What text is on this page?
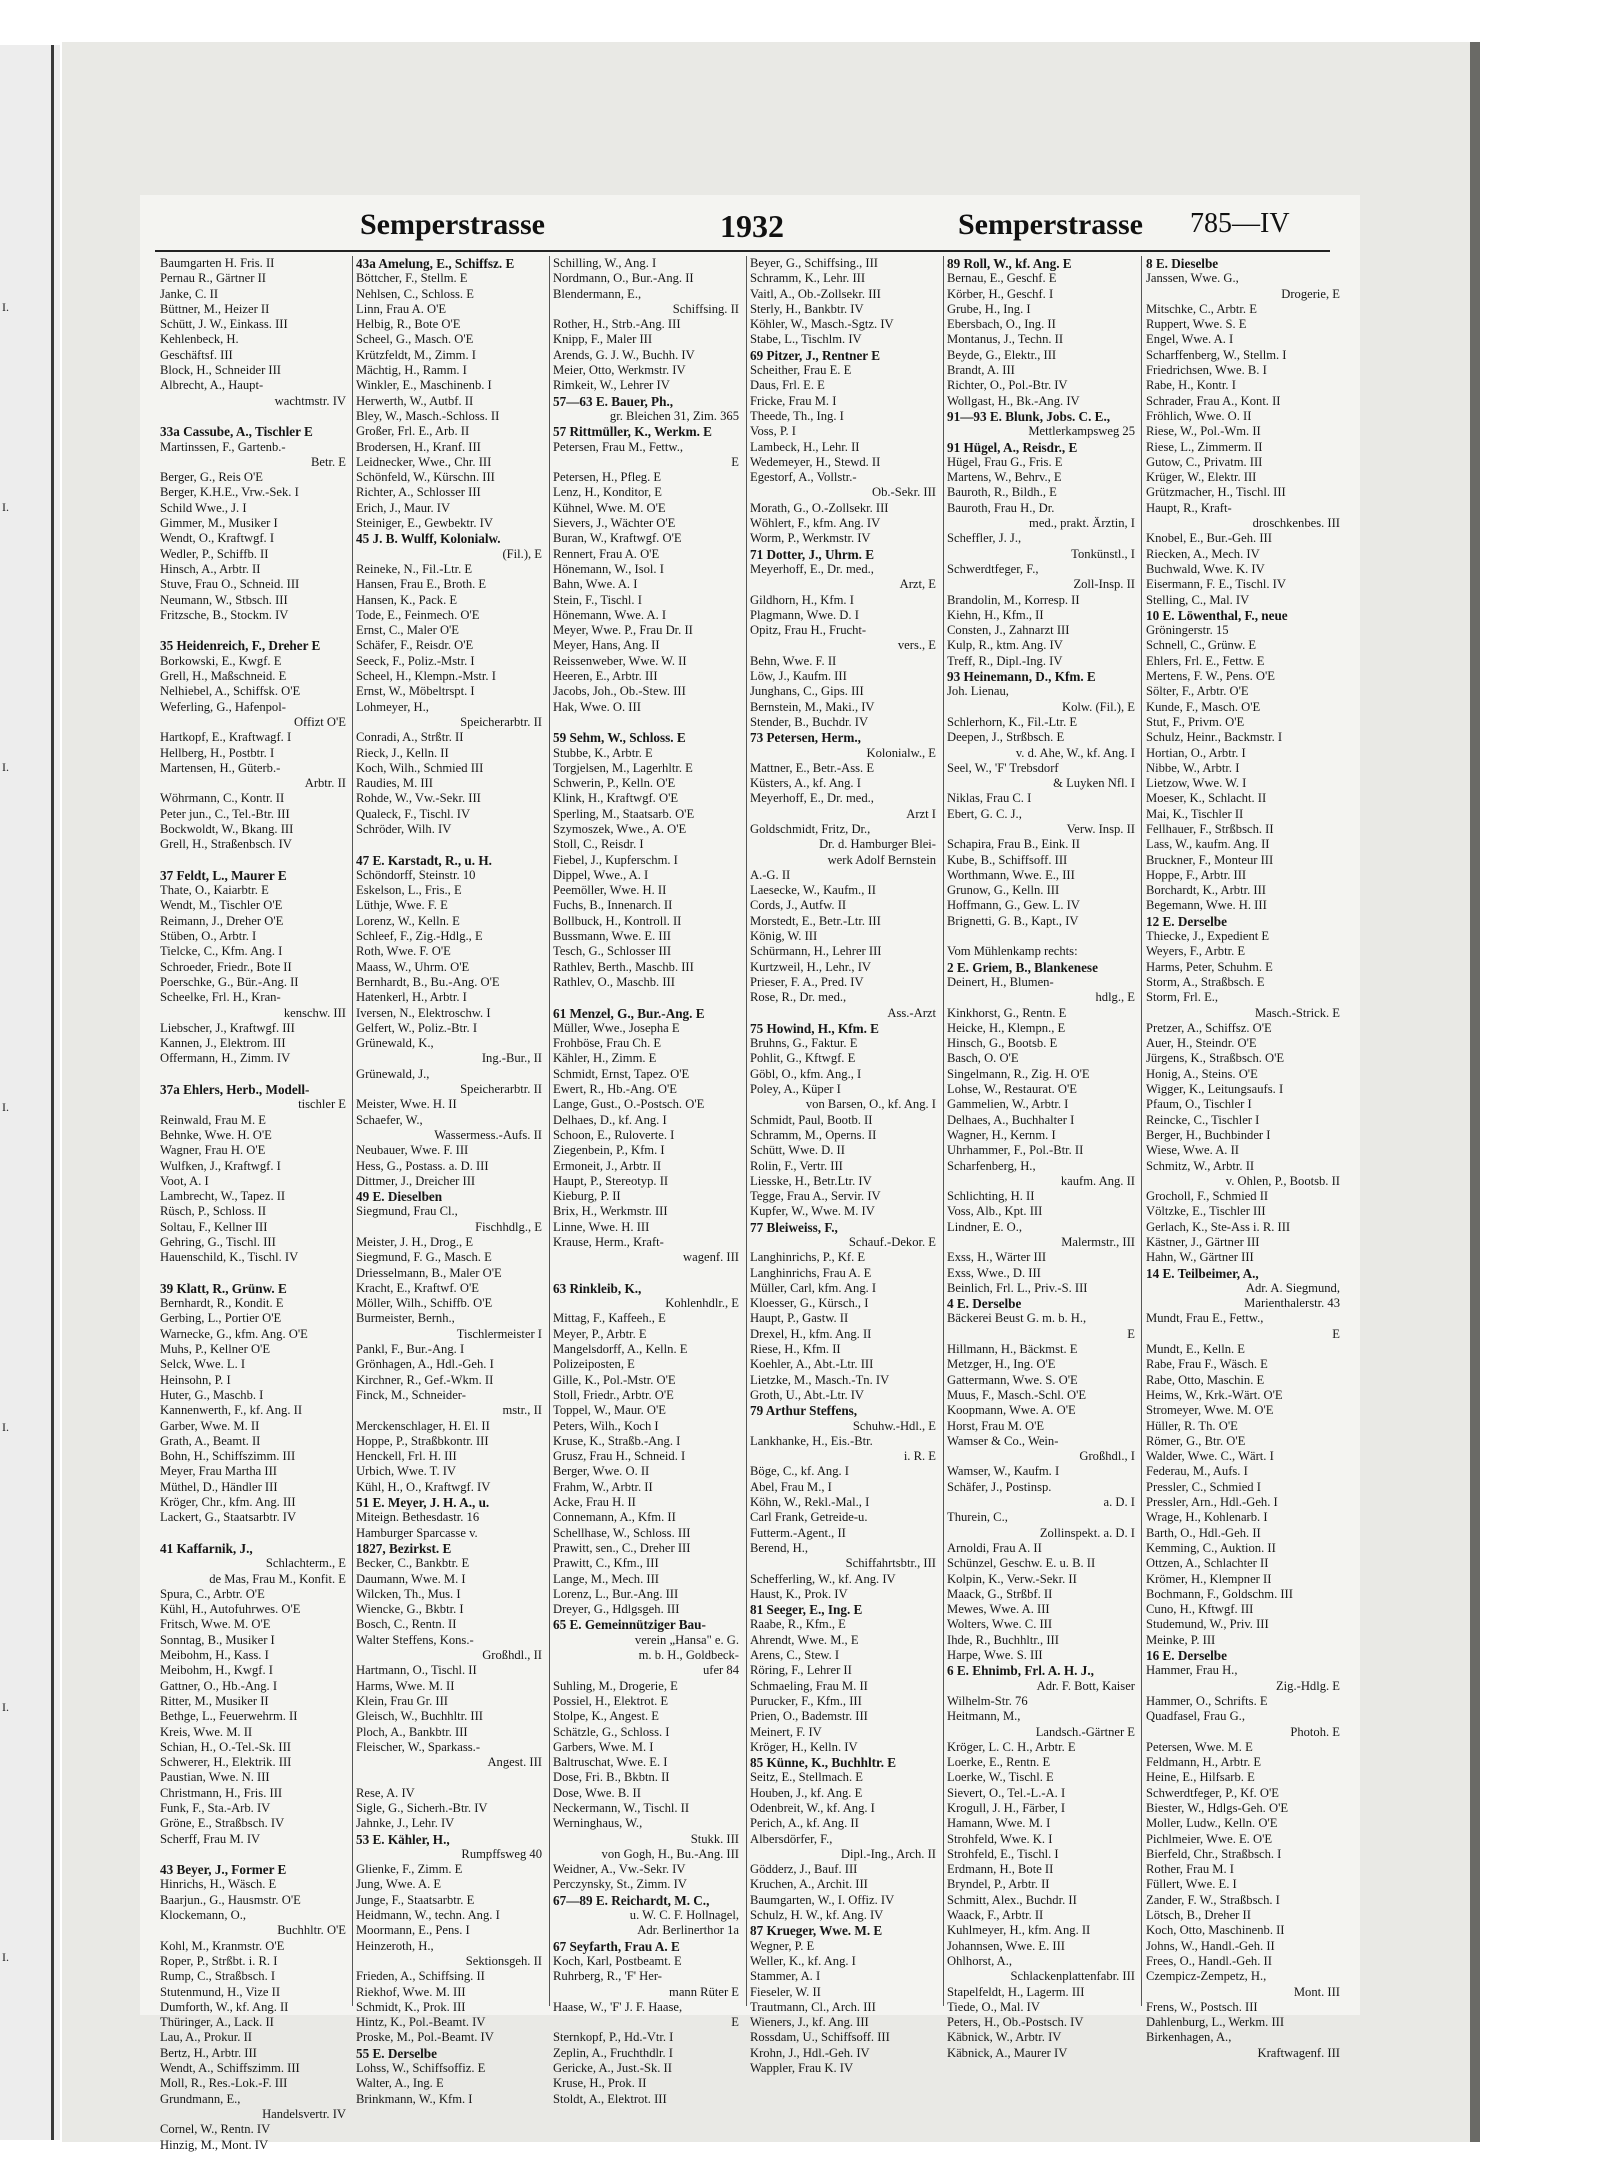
Semperstrasse	1932	Semperstrasse 785—IV
Baumgarten H. Fris. II
Pernau R., Gärtner II
Janke, C. II
Büttner, M., Heizer II
Schütt, J. W., Einkass. III
Kehlenbeck, H.
Geschäftsf. III
Block, H., Schneider III
Albrecht, A., Haupt-
wachtmstr. IV
33a Cassube, A., Tischler E
Martinssen, F., Gartenb.-
Betr. E
Berger, G., Reis O'E
Berger, K.H.E., Vrw.-Sek. I
Schild Wwe., J. I
Gimmer, M., Musiker I
Wendt, O., Kraftwgf. I
Wedler, P., Schiffb. II
Hinsch, A., Arbtr. II
Stuve, Frau O., Schneid. III
Neumann, W., Stbsch. III
Fritzsche, B., Stockm. IV
35 Heidenreich, F., Dreher E
Borkowski, E., Kwgf. E
Grell, H., Maßschneid. E
Nelhiebel, A., Schiffsk. O'E
Weferling, G., Hafenpol-
Offizt O'E
Hartkopf, E., Kraftwagf. I
Hellberg, H., Postbtr. I
Martensen, H., Güterb.-
Arbtr. II
Wöhrmann, C., Kontr. II
Peter jun., C., Tel.-Btr. III
Bockwoldt, W., Bkang. III
Grell, H., Straßenbsch. IV
37 Feldt, L., Maurer E
Thate, O., Kaiarbtr. E
Wendt, M., Tischler O'E
Reimann, J., Dreher O'E
Stüben, O., Arbtr. I
Tielcke, C., Kfm. Ang. I
Schroeder, Friedr., Bote II
Poerschke, G., Bür.-Ang. II
Scheelke, Frl. H., Kran-
kenschw. III
Liebscher, J., Kraftwgf. III
Kannen, J., Elektrom. III
Offermann, H., Zimm. IV
37a Ehlers, Herb., Modell-
tischler E
Reinwald, Frau M. E
Behnke, Wwe. H. O'E
Wagner, Frau H. O'E
Wulfken, J., Kraftwgf. I
Voot, A. I
Lambrecht, W., Tapez. II
Rüsch, P., Schloss. II
Soltau, F., Kellner III
Gehring, G., Tischl. III
Hauenschild, K., Tischl. IV
39 Klatt, R., Grünw. E
Bernhardt, R., Kondit. E
Gerbing, L., Portier O'E
Warnecke, G., kfm. Ang. O'E
Muhs, P., Kellner O'E
Selck, Wwe. L. I
Heinsohn, P. I
Huter, G., Maschb. I
Kannenwerth, F., kf. Ang. II
Garber, Wwe. M. II
Grath, A., Beamt. II
Bohn, H., Schiffszimm. III
Meyer, Frau Martha III
Müthel, D., Händler III
Kröger, Chr., kfm. Ang. III
Lackert, G., Staatsarbtr. IV
41 Kaffarnik, J.,
Schlachterm., E
de Mas, Frau M., Konfit. E
Spura, C., Arbtr. O'E
Kühl, H., Autofuhrwes. O'E
Fritsch, Wwe. M. O'E
Sonntag, B., Musiker I
Meibohm, H., Kass. I
Meibohm, H., Kwgf. I
Gattner, O., Hb.-Ang. I
Ritter, M., Musiker II
Bethge, L., Feuerwehrm. II
Kreis, Wwe. M. II
Schian, H., O.-Tel.-Sk. III
Schwerer, H., Elektrik. III
Paustian, Wwe. N. III
Christmann, H., Fris. III
Funk, F., Sta.-Arb. IV
Gröne, E., Straßbsch. IV
Scherff, Frau M. IV
43 Beyer, J., Former E
Hinrichs, H., Wäsch. E
Baarjun., G., Hausmstr. O'E
Klockemann, O.,
Buchhltr. O'E
Kohl, M., Kranmstr. O'E
Roper, P., Strßbt. i. R. I
Rump, C., Straßbsch. I
Stutenmund, H., Vize II
Dumforth, W., kf. Ang. II
Thüringer, A., Lack. II
Lau, A., Prokur. II
Bertz, H., Arbtr. III
Wendt, A., Schiffszimm. III
Moll, R., Res.-Lok.-F. III
Grundmann, E.,
Handelsvertr. IV
Cornel, W., Rentn. IV
Hinzig, M., Mont. IV
43a Amelung, E., Schiffsz. E
Böttcher, F., Stellm. E
Nehlsen, C., Schloss. E
Linn, Frau A. O'E
Helbig, R., Bote O'E
Scheel, G., Masch. O'E
Krützfeldt, M., Zimm. I
Mächtig, H., Ramm. I
Winkler, E., Maschinenb. I
Herwerth, W., Autbf. II
Bley, W., Masch.-Schloss. II
Großer, Frl. E., Arb. II
Brodersen, H., Kranf. III
Leidnecker, Wwe., Chr. III
Schönfeld, W., Kürschn. III
Richter, A., Schlosser III
Erich, J., Maur. IV
Steiniger, E., Gewbektr. IV
45 J. B. Wulff, Kolonialw.
(Fil.), E
Reineke, N., Fil.-Ltr. E
Hansen, Frau E., Broth. E
Hansen, K., Pack. E
Tode, E., Feinmech. O'E
Ernst, C., Maler O'E
Schäfer, F., Reisdr. O'E
Seeck, F., Poliz.-Mstr. I
Scheel, H., Klempn.-Mstr. I
Ernst, W., Möbeltrspt. I
Lohmeyer, H.,
Speicherarbtr. II
Conradi, A., Strßtr. II
Rieck, J., Kelln. II
Koch, Wilh., Schmied III
Raudies, M. III
Rohde, W., Vw.-Sekr. III
Qualeck, F., Tischl. IV
Schröder, Wilh. IV
47 E. Karstadt, R., u. H.
Schöndorff, Steinstr. 10
Eskelson, L., Fris., E
Lüthje, Wwe. F. E
Lorenz, W., Kelln. E
Schleef, F., Zig.-Hdlg., E
Roth, Wwe. F. O'E
Maass, W., Uhrm. O'E
Bernhardt, B., Bu.-Ang. O'E
Hatenkerl, H., Arbtr. I
Iversen, N., Elektroschw. I
Gelfert, W., Poliz.-Btr. I
Grünewald, K.,
Ing.-Bur., II
Grünewald, J.,
Speicherarbtr. II
Meister, Wwe. H. II
Schaefer, W.,
Wassermess.-Aufs. II
Neubauer, Wwe. F. III
Hess, G., Postass. a. D. III
Dittmer, J., Dreicher III
49 E. Dieselben
Siegmund, Frau Cl.,
Fischhdlg., E
Meister, J. H., Drog., E
Siegmund, F. G., Masch. E
Driesselmann, B., Maler O'E
Kracht, E., Kraftwf. O'E
Möller, Wilh., Schiffb. O'E
Burmeister, Bernh.,
Tischlermeister I
Pankl, F., Bur.-Ang. I
Grönhagen, A., Hdl.-Geh. I
Kirchner, R., Gef.-Wkm. II
Finck, M., Schneider-
mstr., II
Merckenschlager, H. El. II
Hoppe, P., Straßbkontr. III
Henckell, Frl. H. III
Urbich, Wwe. T. IV
Kühl, H., O., Kraftwgf. IV
51 E. Meyer, J. H. A., u.
Miteign. Bethesdastr. 16
Hamburger Sparcasse v.
1827, Bezirkst. E
Becker, C., Bankbtr. E
Daumann, Wwe. M. I
Wilcken, Th., Mus. I
Wiencke, G., Bkbtr. I
Bosch, C., Rentn. II
Walter Steffens, Kons.-
Großhdl., II
Hartmann, O., Tischl. II
Harms, Wwe. M. II
Klein, Frau Gr. III
Gleisch, W., Buchhltr. III
Ploch, A., Bankbtr. III
Fleischer, W., Sparkass.-
Angest. III
Rese, A. IV
Sigle, G., Sicherh.-Btr. IV
Jahnke, J., Lehr. IV
53 E. Kähler, H.,
Rumpffsweg 40
Glienke, F., Zimm. E
Jung, Wwe. A. E
Junge, F., Staatsarbtr. E
Heidmann, W., techn. Ang. I
Moormann, E., Pens. I
Heinzeroth, H.,
Sektionsgeh. II
Frieden, A., Schiffsing. II
Riekhof, Wwe. M. III
Schmidt, K., Prok. III
Hintz, K., Pol.-Beamt. IV
Proske, M., Pol.-Beamt. IV
55 E. Derselbe
Lohss, W., Schiffsoffiz. E
Walter, A., Ing. E
Brinkmann, W., Kfm. I
Schilling, W., Ang. I
Nordmann, O., Bur.-Ang. II
Blendermann, E.,
Schiffsing. II
Rother, H., Strb.-Ang. III
Knipp, F., Maler III
Arends, G. J. W., Buchh. IV
Meier, Otto, Werkmstr. IV
Rimkeit, W., Lehrer IV
57—63 E. Bauer, Ph.,
gr. Bleichen 31, Zim. 365
57 Rittmüller, K., Werkm. E
Petersen, Frau M., Fettw.,
E
Petersen, H., Pfleg. E
Lenz, H., Konditor, E
Kühnel, Wwe. M. O'E
Sievers, J., Wächter O'E
Buran, W., Kraftwgf. O'E
Rennert, Frau A. O'E
Hönemann, W., Isol. I
Bahn, Wwe. A. I
Stein, F., Tischl. I
Hönemann, Wwe. A. I
Meyer, Wwe. P., Frau Dr. II
Meyer, Hans, Ang. II
Reissenweber, Wwe. W. II
Heeren, E., Arbtr. III
Jacobs, Joh., Ob.-Stew. III
Hak, Wwe. O. III
59 Sehm, W., Schloss. E
Stubbe, K., Arbtr. E
Torgjelsen, M., Lagerhltr. E
Schwerin, P., Kelln. O'E
Klink, H., Kraftwgf. O'E
Sperling, M., Staatsarb. O'E
Szymoszek, Wwe., A. O'E
Stoll, C., Reisdr. I
Fiebel, J., Kupferschm. I
Dippel, Wwe., A. I
Peemöller, Wwe. H. II
Fuchs, B., Innenarch. II
Bollbuck, H., Kontroll. II
Bussmann, Wwe. E. III
Tesch, G., Schlosser III
Rathlev, Berth., Maschb. III
Rathlev, O., Maschb. III
61 Menzel, G., Bur.-Ang. E
Müller, Wwe., Josepha E
Frohböse, Frau Ch. E
Kähler, H., Zimm. E
Schmidt, Ernst, Tapez. O'E
Ewert, R., Hb.-Ang. O'E
Lange, Gust., O.-Postsch. O'E
Delhaes, D., kf. Ang. I
Schoon, E., Ruloverte. I
Ziegenbein, P., Kfm. I
Ermoneit, J., Arbtr. II
Haupt, P., Stereotyp. II
Kieburg, P. II
Brix, H., Werkmstr. III
Linne, Wwe. H. III
Krause, Herm., Kraft-
wagenf. III
63 Rinkleib, K.,
Kohlenhdlr., E
Mittag, F., Kaffeeh., E
Meyer, P., Arbtr. E
Mangelsdorff, A., Kelln. E
Polizeiposten, E
Gille, K., Pol.-Mstr. O'E
Stoll, Friedr., Arbtr. O'E
Toppel, W., Maur. O'E
Peters, Wilh., Koch I
Kruse, K., Straßb.-Ang. I
Grusz, Frau H., Schneid. I
Berger, Wwe. O. II
Frahm, W., Arbtr. II
Acke, Frau H. II
Connemann, A., Kfm. II
Schellhase, W., Schloss. III
Prawitt, sen., C., Dreher III
Prawitt, C., Kfm., III
Lange, M., Mech. III
Lorenz, L., Bur.-Ang. III
Dreyer, G., Hdlgsgeh. III
65 E. Gemeinnütziger Bau-
verein „Hansa" e. G.
m. b. H., Goldbeck-
ufer 84
Suhling, M., Drogerie, E
Possiel, H., Elektrot. E
Stolpe, K., Angest. E
Schätzle, G., Schloss. I
Garbers, Wwe. M. I
Baltruschat, Wwe. E. I
Dose, Fri. B., Bkbtn. II
Dose, Wwe. B. II
Neckermann, W., Tischl. II
Werninghaus, W.,
Stukk. III
von Gogh, H., Bu.-Ang. III
Weidner, A., Vw.-Sekr. IV
Perczynsky, St., Zimm. IV
67—89 E. Reichardt, M. C.,
u. W. C. F. Hollnagel,
Adr. Berlinerthor 1a
67 Seyfarth, Frau A. E
Koch, Karl, Postbeamt. E
Ruhrberg, R., 'F' Her-
mann Rüter E
Haase, W., 'F' J. F. Haase,
E
Sternkopf, P., Hd.-Vtr. I
Zeplin, A., Fruchthdlr. I
Gericke, A., Just.-Sk. II
Kruse, H., Prok. II
Stoldt, A., Elektrot. III
Beyer, G., Schiffsing., III
Schramm, K., Lehr. III
Vaitl, A., Ob.-Zollsekr. III
Sterly, H., Bankbtr. IV
Köhler, W., Masch.-Sgtz. IV
Stabe, L., Tischlm. IV
69 Pitzer, J., Rentner E
Scheither, Frau E. E
Daus, Frl. E. E
Fricke, Frau M. I
Theede, Th., Ing. I
Voss, P. I
Lambeck, H., Lehr. II
Wedemeyer, H., Stewd. II
Egestorf, A., Vollstr.-
Ob.-Sekr. III
Morath, G., O.-Zollsekr. III
Wöhlert, F., kfm. Ang. IV
Worm, P., Werkmstr. IV
71 Dotter, J., Uhrm. E
Meyerhoff, E., Dr. med.,
Arzt, E
Gildhorn, H., Kfm. I
Plagmann, Wwe. D. I
Opitz, Frau H., Frucht-
vers., E
Behn, Wwe. F. II
Löw, J., Kaufm. III
Junghans, C., Gips. III
Bernstein, M., Maki., IV
Stender, B., Buchdr. IV
73 Petersen, Herm.,
Kolonialw., E
Mattner, E., Betr.-Ass. E
Küsters, A., kf. Ang. I
Meyerhoff, E., Dr. med.,
Arzt I
Goldschmidt, Fritz, Dr.,
Dr. d. Hamburger Blei-
werk Adolf Bernstein
A.-G. II
Laesecke, W., Kaufm., II
Cords, J., Autfw. II
Morstedt, E., Betr.-Ltr. III
König, W. III
Schürmann, H., Lehrer III
Kurtzweil, H., Lehr., IV
Prieser, F. A., Pred. IV
Rose, R., Dr. med.,
Ass.-Arzt
75 Howind, H., Kfm. E
Bruhns, G., Faktur. E
Pohlit, G., Kftwgf. E
Göbl, O., kfm. Ang., I
Poley, A., Küper I
von Barsen, O., kf. Ang. I
Schmidt, Paul, Bootb. II
Schramm, M., Operns. II
Schütt, Wwe. D. II
Rolin, F., Vertr. III
Liesske, H., Betr.Ltr. IV
Tegge, Frau A., Servir. IV
Kupfer, W., Wwe. M. IV
77 Bleiweiss, F.,
Schauf.-Dekor. E
Langhinrichs, P., Kf. E
Langhinrichs, Frau A. E
Müller, Carl, kfm. Ang. I
Kloesser, G., Kürsch., I
Haupt, P., Gastw. II
Drexel, H., kfm. Ang. II
Riese, H., Kfm. II
Koehler, A., Abt.-Ltr. III
Lietzke, M., Masch.-Tn. IV
Groth, U., Abt.-Ltr. IV
79 Arthur Steffens,
Schuhw.-Hdl., E
Lankhanke, H., Eis.-Btr.
i. R. E
Böge, C., kf. Ang. I
Abel, Frau M., I
Köhn, W., Rekl.-Mal., I
Carl Frank, Getreide-u.
Futterm.-Agent., II
Berend, H.,
Schiffahrtsbtr., III
Schefferling, W., kf. Ang. IV
Haust, K., Prok. IV
81 Seeger, E., Ing. E
Raabe, R., Kfm., E
Ahrendt, Wwe. M., E
Arens, C., Stew. I
Röring, F., Lehrer II
Schmaeling, Frau M. II
Purucker, F., Kfm., III
Prien, O., Bademstr. III
Meinert, F. IV
Kröger, H., Kelln. IV
85 Künne, K., Buchhltr. E
Seitz, E., Stellmach. E
Houben, J., kf. Ang. E
Odenbreit, W., kf. Ang. I
Perich, A., kf. Ang. II
Albersdörfer, F.,
Dipl.-Ing., Arch. II
Gödderz, J., Bauf. III
Kruchen, A., Archit. III
Baumgarten, W., I. Offiz. IV
Schulz, H. W., kf. Ang. IV
87 Krueger, Wwe. M. E
Wegner, P. E
Weller, K., kf. Ang. I
Stammer, A. I
Fieseler, W. II
Trautmann, Cl., Arch. III
Wieners, J., kf. Ang. III
Rossdam, U., Schiffsoff. III
Krohn, J., Hdl.-Geh. IV
Wappler, Frau K. IV
89 Roll, W., kf. Ang. E
Bernau, E., Geschf. E
Körber, H., Geschf. I
Grube, H., Ing. I
Ebersbach, O., Ing. II
Montanus, J., Techn. II
Beyde, G., Elektr., III
Brandt, A. III
Richter, O., Pol.-Btr. IV
Wollgast, H., Bk.-Ang. IV
91—93 E. Blunk, Jobs. C. E.,
Mettlerkampsweg 25
91 Hügel, A., Reisdr., E
Hügel, Frau G., Fris. E
Martens, W., Behrv., E
Bauroth, R., Bildh., E
Bauroth, Frau H., Dr.
med., prakt. Ärztin, I
Scheffler, J. J.,
Tonkünstl., I
Schwerdtfeger, F.,
Zoll-Insp. II
Brandolin, M., Korresp. II
Kiehn, H., Kfm., II
Consten, J., Zahnarzt III
Kulp, R., ktm. Ang. IV
Treff, R., Dipl.-Ing. IV
93 Heinemann, D., Kfm. E
Joh. Lienau,
Kolw. (Fil.), E
Schlerhorn, K., Fil.-Ltr. E
Deepen, J., Strßbsch. E
v. d. Ahe, W., kf. Ang. I
Seel, W., 'F' Trebsdorf
& Luyken Nfl. I
Niklas, Frau C. I
Ebert, G. C. J.,
Verw. Insp. II
Schapira, Frau B., Eink. II
Kube, B., Schiffsoff. III
Worthmann, Wwe. E., III
Grunow, G., Kelln. III
Hoffmann, G., Gew. L. IV
Brignetti, G. B., Kapt., IV
Vom Mühlenkamp rechts:
2 E. Griem, B., Blankenese
Deinert, H., Blumen-
hdlg., E
Kinkhorst, G., Rentn. E
Heicke, H., Klempn., E
Hinsch, G., Bootsb. E
Basch, O. O'E
Singelmann, R., Zig. H. O'E
Lohse, W., Restaurat. O'E
Gammelien, W., Arbtr. I
Delhaes, A., Buchhalter I
Wagner, H., Kernm. I
Uhrhammer, F., Pol.-Btr. II
Scharfenberg, H.,
kaufm. Ang. II
Schlichting, H. II
Voss, Alb., Kpt. III
Lindner, E. O.,
Malermstr., III
Exss, H., Wärter III
Exss, Wwe., D. III
Beinlich, Frl. L., Priv.-S. III
4 E. Derselbe
Bäckerei Beust G. m. b. H.,
E
Hillmann, H., Bäckmst. E
Metzger, H., Ing. O'E
Gattermann, Wwe. S. O'E
Muus, F., Masch.-Schl. O'E
Koopmann, Wwe. A. O'E
Horst, Frau M. O'E
Wamser & Co., Wein-
Großhdl., I
Wamser, W., Kaufm. I
Schäfer, J., Postinsp.
a. D. I
Thurein, C.,
Zollinspekt. a. D. I
Arnoldi, Frau A. II
Schünzel, Geschw. E. u. B. II
Kolpin, K., Verw.-Sekr. II
Maack, G., Strßbf. II
Mewes, Wwe. A. III
Wolters, Wwe. C. III
Ihde, R., Buchhltr., III
Harpe, Wwe. S. III
6 E. Ehnimb, Frl. A. H. J.,
Adr. F. Bott, Kaiser
Wilhelm-Str. 76
Heitmann, M.,
Landsch.-Gärtner E
Kröger, L. C. H., Arbtr. E
Loerke, E., Rentn. E
Loerke, W., Tischl. E
Sievert, O., Tel.-L.-A. I
Krogull, J. H., Färber, I
Hamann, Wwe. M. I
Strohfeld, Wwe. K. I
Strohfeld, E., Tischl. I
Erdmann, H., Bote II
Bryndel, P., Arbtr. II
Schmitt, Alex., Buchdr. II
Waack, F., Arbtr. II
Kuhlmeyer, H., kfm. Ang. II
Johannsen, Wwe. E. III
Ohlhorst, A.,
Schlackenplattenfabr. III
Stapelfeldt, H., Lagerm. III
Tiede, O., Mal. IV
Peters, H., Ob.-Postsch. IV
Käbnick, W., Arbtr. IV
Käbnick, A., Maurer IV
8 E. Dieselbe
Janssen, Wwe. G.,
Drogerie, E
Mitschke, C., Arbtr. E
Ruppert, Wwe. S. E
Engel, Wwe. A. I
Scharffenberg, W., Stellm. I
Friedrichsen, Wwe. B. I
Rabe, H., Kontr. I
Schrader, Frau A., Kont. II
Fröhlich, Wwe. O. II
Riese, W., Pol.-Wm. II
Riese, L., Zimmerm. II
Gutow, C., Privatm. III
Krüger, W., Elektr. III
Grützmacher, H., Tischl. III
Haupt, R., Kraft-
droschkenbes. III
Knobel, E., Bur.-Geh. III
Riecken, A., Mech. IV
Buchwald, Wwe. K. IV
Eisermann, F. E., Tischl. IV
Stelling, C., Mal. IV
10 E. Löwenthal, F., neue
Gröningerstr. 15
Schnell, C., Grünw. E
Ehlers, Frl. E., Fettw. E
Mertens, F. W., Pens. O'E
Sölter, F., Arbtr. O'E
Kunde, F., Masch. O'E
Stut, F., Privm. O'E
Schulz, Heinr., Backmstr. I
Hortian, O., Arbtr. I
Nibbe, W., Arbtr. I
Lietzow, Wwe. W. I
Moeser, K., Schlacht. II
Mai, K., Tischler II
Fellhauer, F., Strßbsch. II
Lass, W., kaufm. Ang. II
Bruckner, F., Monteur III
Hoppe, F., Arbtr. III
Borchardt, K., Arbtr. III
Begemann, Wwe. H. III
12 E. Derselbe
Thiecke, J., Expedient E
Weyers, F., Arbtr. E
Harms, Peter, Schuhm. E
Storm, A., Straßbsch. E
Storm, Frl. E.,
Masch.-Strick. E
Pretzer, A., Schiffsz. O'E
Auer, H., Steindr. O'E
Jürgens, K., Straßbsch. O'E
Honig, A., Steins. O'E
Wigger, K., Leitungsaufs. I
Pfaum, O., Tischler I
Reincke, C., Tischler I
Berger, H., Buchbinder I
Wiese, Wwe. A. II
Schmitz, W., Arbtr. II
v. Ohlen, P., Bootsb. II
Grocholl, F., Schmied II
Völtzke, E., Tischler III
Gerlach, K., Ste-Ass i. R. III
Kästner, J., Gärtner III
Hahn, W., Gärtner III
14 E. Teilbeimer, A.,
Adr. A. Siegmund,
Marienthalerstr. 43
Mundt, Frau E., Fettw.,
E
Mundt, E., Kelln. E
Rabe, Frau F., Wäsch. E
Rabe, Otto, Maschin. E
Heims, W., Krk.-Wärt. O'E
Stromeyer, Wwe. M. O'E
Hüller, R. Th. O'E
Römer, G., Btr. O'E
Walder, Wwe. C., Wärt. I
Federau, M., Aufs. I
Pressler, C., Schmied I
Pressler, Arn., Hdl.-Geh. I
Wrage, H., Kohlenarb. I
Barth, O., Hdl.-Geh. II
Kemming, C., Auktion. II
Ottzen, A., Schlachter II
Krömer, H., Klempner II
Bochmann, F., Goldschm. III
Cuno, H., Kftwgf. III
Studemund, W., Priv. III
Meinke, P. III
16 E. Derselbe
Hammer, Frau H.,
Zig.-Hdlg. E
Hammer, O., Schrifts. E
Quadfasel, Frau G.,
Photoh. E
Petersen, Wwe. M. E
Feldmann, H., Arbtr. E
Heine, E., Hilfsarb. E
Schwerdtfeger, P., Kf. O'E
Biester, W., Hdlgs-Geh. O'E
Moller, Ludw., Kelln. O'E
Pichlmeier, Wwe. E. O'E
Bierfeld, Chr., Straßbsch. I
Rother, Frau M. I
Füllert, Wwe. E. I
Zander, F. W., Straßbsch. I
Lötsch, B., Dreher II
Koch, Otto, Maschinenb. II
Johns, W., Handl.-Geh. II
Frees, O., Handl.-Geh. II
Czempicz-Zempetz, H.,
Mont. III
Frens, W., Postsch. III
Dahlenburg, L., Werkm. III
Birkenhagen, A.,
Kraftwagenf. III
I.
I.
I.
I.
I.
I.
I.
